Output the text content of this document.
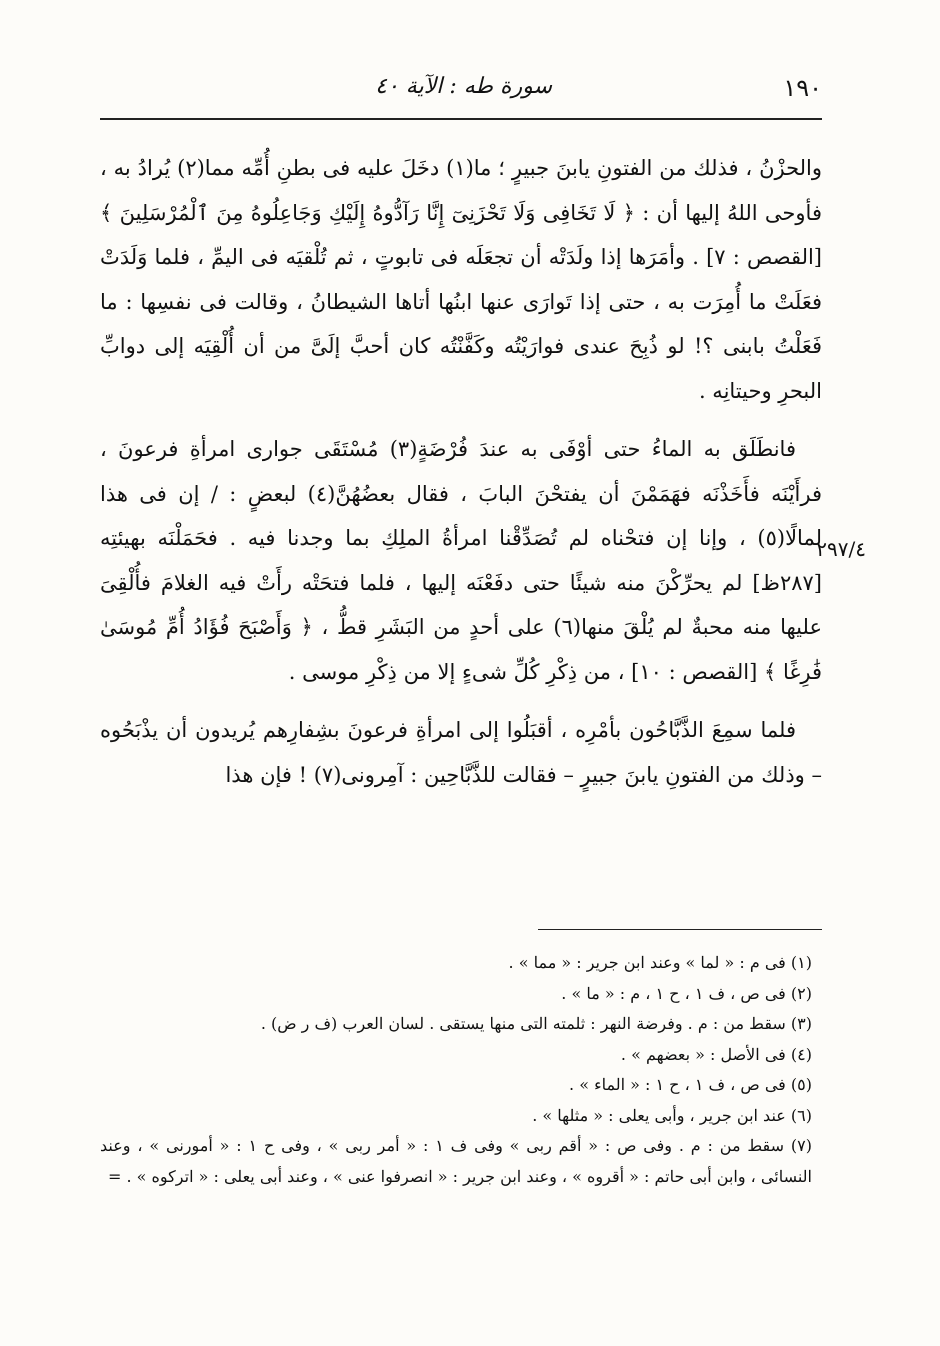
١٩٠
سورة طه : الآية ٤٠
٢٩٧/٤

والحزْنُ ، فذلك من الفتونِ يابنَ جبيرٍ ؛ ما(١) دخَلَ عليه فى بطنِ أُمِّه مما(٢) يُرادُ به ، فأوحى اللهُ إليها أن : ﴿ لَا تَخَافِى وَلَا تَحْزَنِىٓ إِنَّا رَآدُّوهُ إِلَيْكِ وَجَاعِلُوهُ مِنَ ٱلْمُرْسَلِينَ ﴾ [القصص : ٧] . وأمَرَها إذا ولَدَتْه أن تجعَلَه فى تابوتٍ ، ثم تُلْقيَه فى اليمِّ ، فلما وَلَدَتْ فعَلَتْ ما أُمِرَت به ، حتى إذا تَوارَى عنها ابنُها أتاها الشيطانُ ، وقالت فى نفسِها : ما فَعَلْتُ بابنى ؟! لو ذُبِحَ عندى فوارَيْتُه وكَفَّنْتُه كان أحبَّ إلَىَّ من أن أُلْقِيَه إلى دوابِّ البحرِ وحيتانِه .

فانطَلَق به الماءُ حتى أوْفَى به عندَ فُرْضَةٍ(٣) مُسْتَقَى جوارى امرأةِ فرعونَ ، فرأَيْنَه فأَخَذْنَه فهَمَمْنَ أن يفتحْنَ البابَ ، فقال بعضُهُنَّ(٤) لبعضٍ : / إن فى هذا لمالًا(٥) ، وإنا إن فتحْناه لم تُصَدِّقْنا امرأةُ الملِكِ بما وجدنا فيه . فحَمَلْنَه بهيئتِه [٢٨٧ظ] لم يحرِّكْنَ منه شيئًا حتى دفَعْنَه إليها ، فلما فتحَتْه رأَتْ فيه الغلامَ فأُلْقِىَ عليها منه محبةٌ لم يُلْقَ منها(٦) على أحدٍ من البَشَرِ قطُّ ، ﴿ وَأَصْبَحَ فُؤَادُ أُمِّ مُوسَىٰ فَٰرِغًا ﴾ [القصص : ١٠] ، من ذِكْرِ كُلِّ شىءٍ إلا من ذِكْرِ موسى .

فلما سمِعَ الذَّبَّاحُون بأمْرِه ، أقبَلُوا إلى امرأةِ فرعونَ بشِفارِهم يُريدون أن يذْبَحُوه – وذلك من الفتونِ يابنَ جبيرٍ – فقالت للذَّبَّاحِين : آمِرونى(٧) ! فإن هذا

(١) فى م : « لما » وعند ابن جرير : « مما » .

(٢) فى ص ، ف ١ ، ح ١ ، م : « ما » .

(٣) سقط من : م . وفرضة النهر : ثلمته التى منها يستقى . لسان العرب (ف ر ض) .

(٤) فى الأصل : « بعضهم » .

(٥) فى ص ، ف ١ ، ح ١ : « الماء » .

(٦) عند ابن جرير ، وأبى يعلى : « مثلها » .

(٧) سقط من : م . وفى ص : « أقم ربى » وفى ف ١ : « أمر ربى » ، وفى ح ١ : « أمورنى » ، وعند النسائى ، وابن أبى حاتم : « أقروه » ، وعند ابن جرير : « انصرفوا عنى » ، وعند أبى يعلى : « اتركوه » . =
